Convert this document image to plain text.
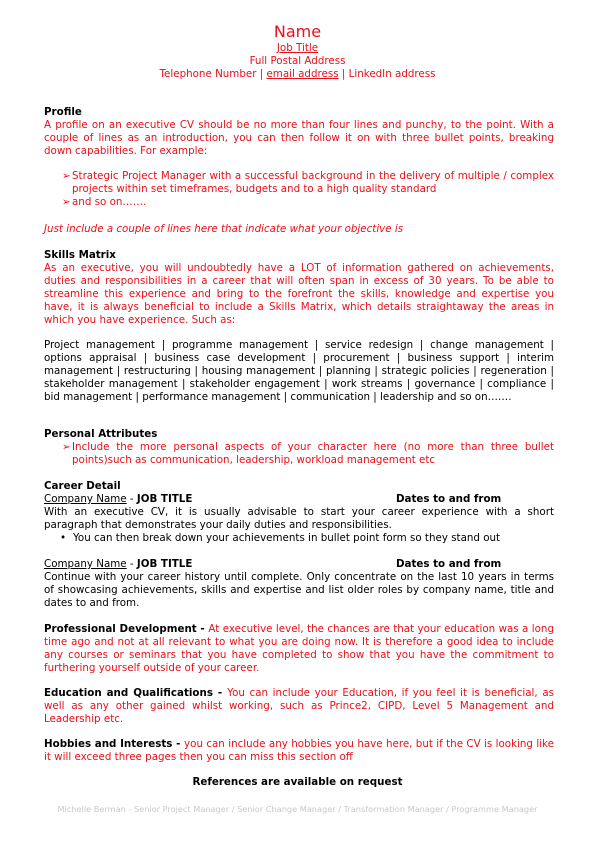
Name
Job Title
Full Postal Address
Telephone Number | email address | LinkedIn address
Profile
A profile on an executive CV should be no more than four lines and punchy, to the point. With a couple of lines as an introduction, you can then follow it on with three bullet points, breaking down capabilities. For example:
➢ Strategic Project Manager with a successful background in the delivery of multiple / complex projects within set timeframes, budgets and to a high quality standard
➢ and so on…….
Just include a couple of lines here that indicate what your objective is
Skills Matrix
As an executive, you will undoubtedly have a LOT of information gathered on achievements, duties and responsibilities in a career that will often span in excess of 30 years. To be able to streamline this experience and bring to the forefront the skills, knowledge and expertise you have, it is always beneficial to include a Skills Matrix, which details straightaway the areas in which you have experience. Such as:
Project management | programme management | service redesign | change management | options appraisal | business case development | procurement | business support | interim management | restructuring | housing management | planning | strategic policies | regeneration | stakeholder management | stakeholder engagement | work streams | governance | compliance | bid management | performance management | communication | leadership and so on…….
Personal Attributes
➢ Include the more personal aspects of your character here (no more than three bullet points)such as communication, leadership, workload management etc
Career Detail
Company Name - JOB TITLE	Dates to and from
With an executive CV, it is usually advisable to start your career experience with a short paragraph that demonstrates your daily duties and responsibilities.
• You can then break down your achievements in bullet point form so they stand out
Company Name - JOB TITLE	Dates to and from
Continue with your career history until complete. Only concentrate on the last 10 years in terms of showcasing achievements, skills and expertise and list older roles by company name, title and dates to and from.
Professional Development - At executive level, the chances are that your education was a long time ago and not at all relevant to what you are doing now. It is therefore a good idea to include any courses or seminars that you have completed to show that you have the commitment to furthering yourself outside of your career.
Education and Qualifications - You can include your Education, if you feel it is beneficial, as well as any other gained whilst working, such as Prince2, CIPD, Level 5 Management and Leadership etc.
Hobbies and Interests - you can include any hobbies you have here, but if the CV is looking like it will exceed three pages then you can miss this section off
References are available on request
Michelle Berman - Senior Project Manager / Senior Change Manager / Transformation Manager / Programme Manager
